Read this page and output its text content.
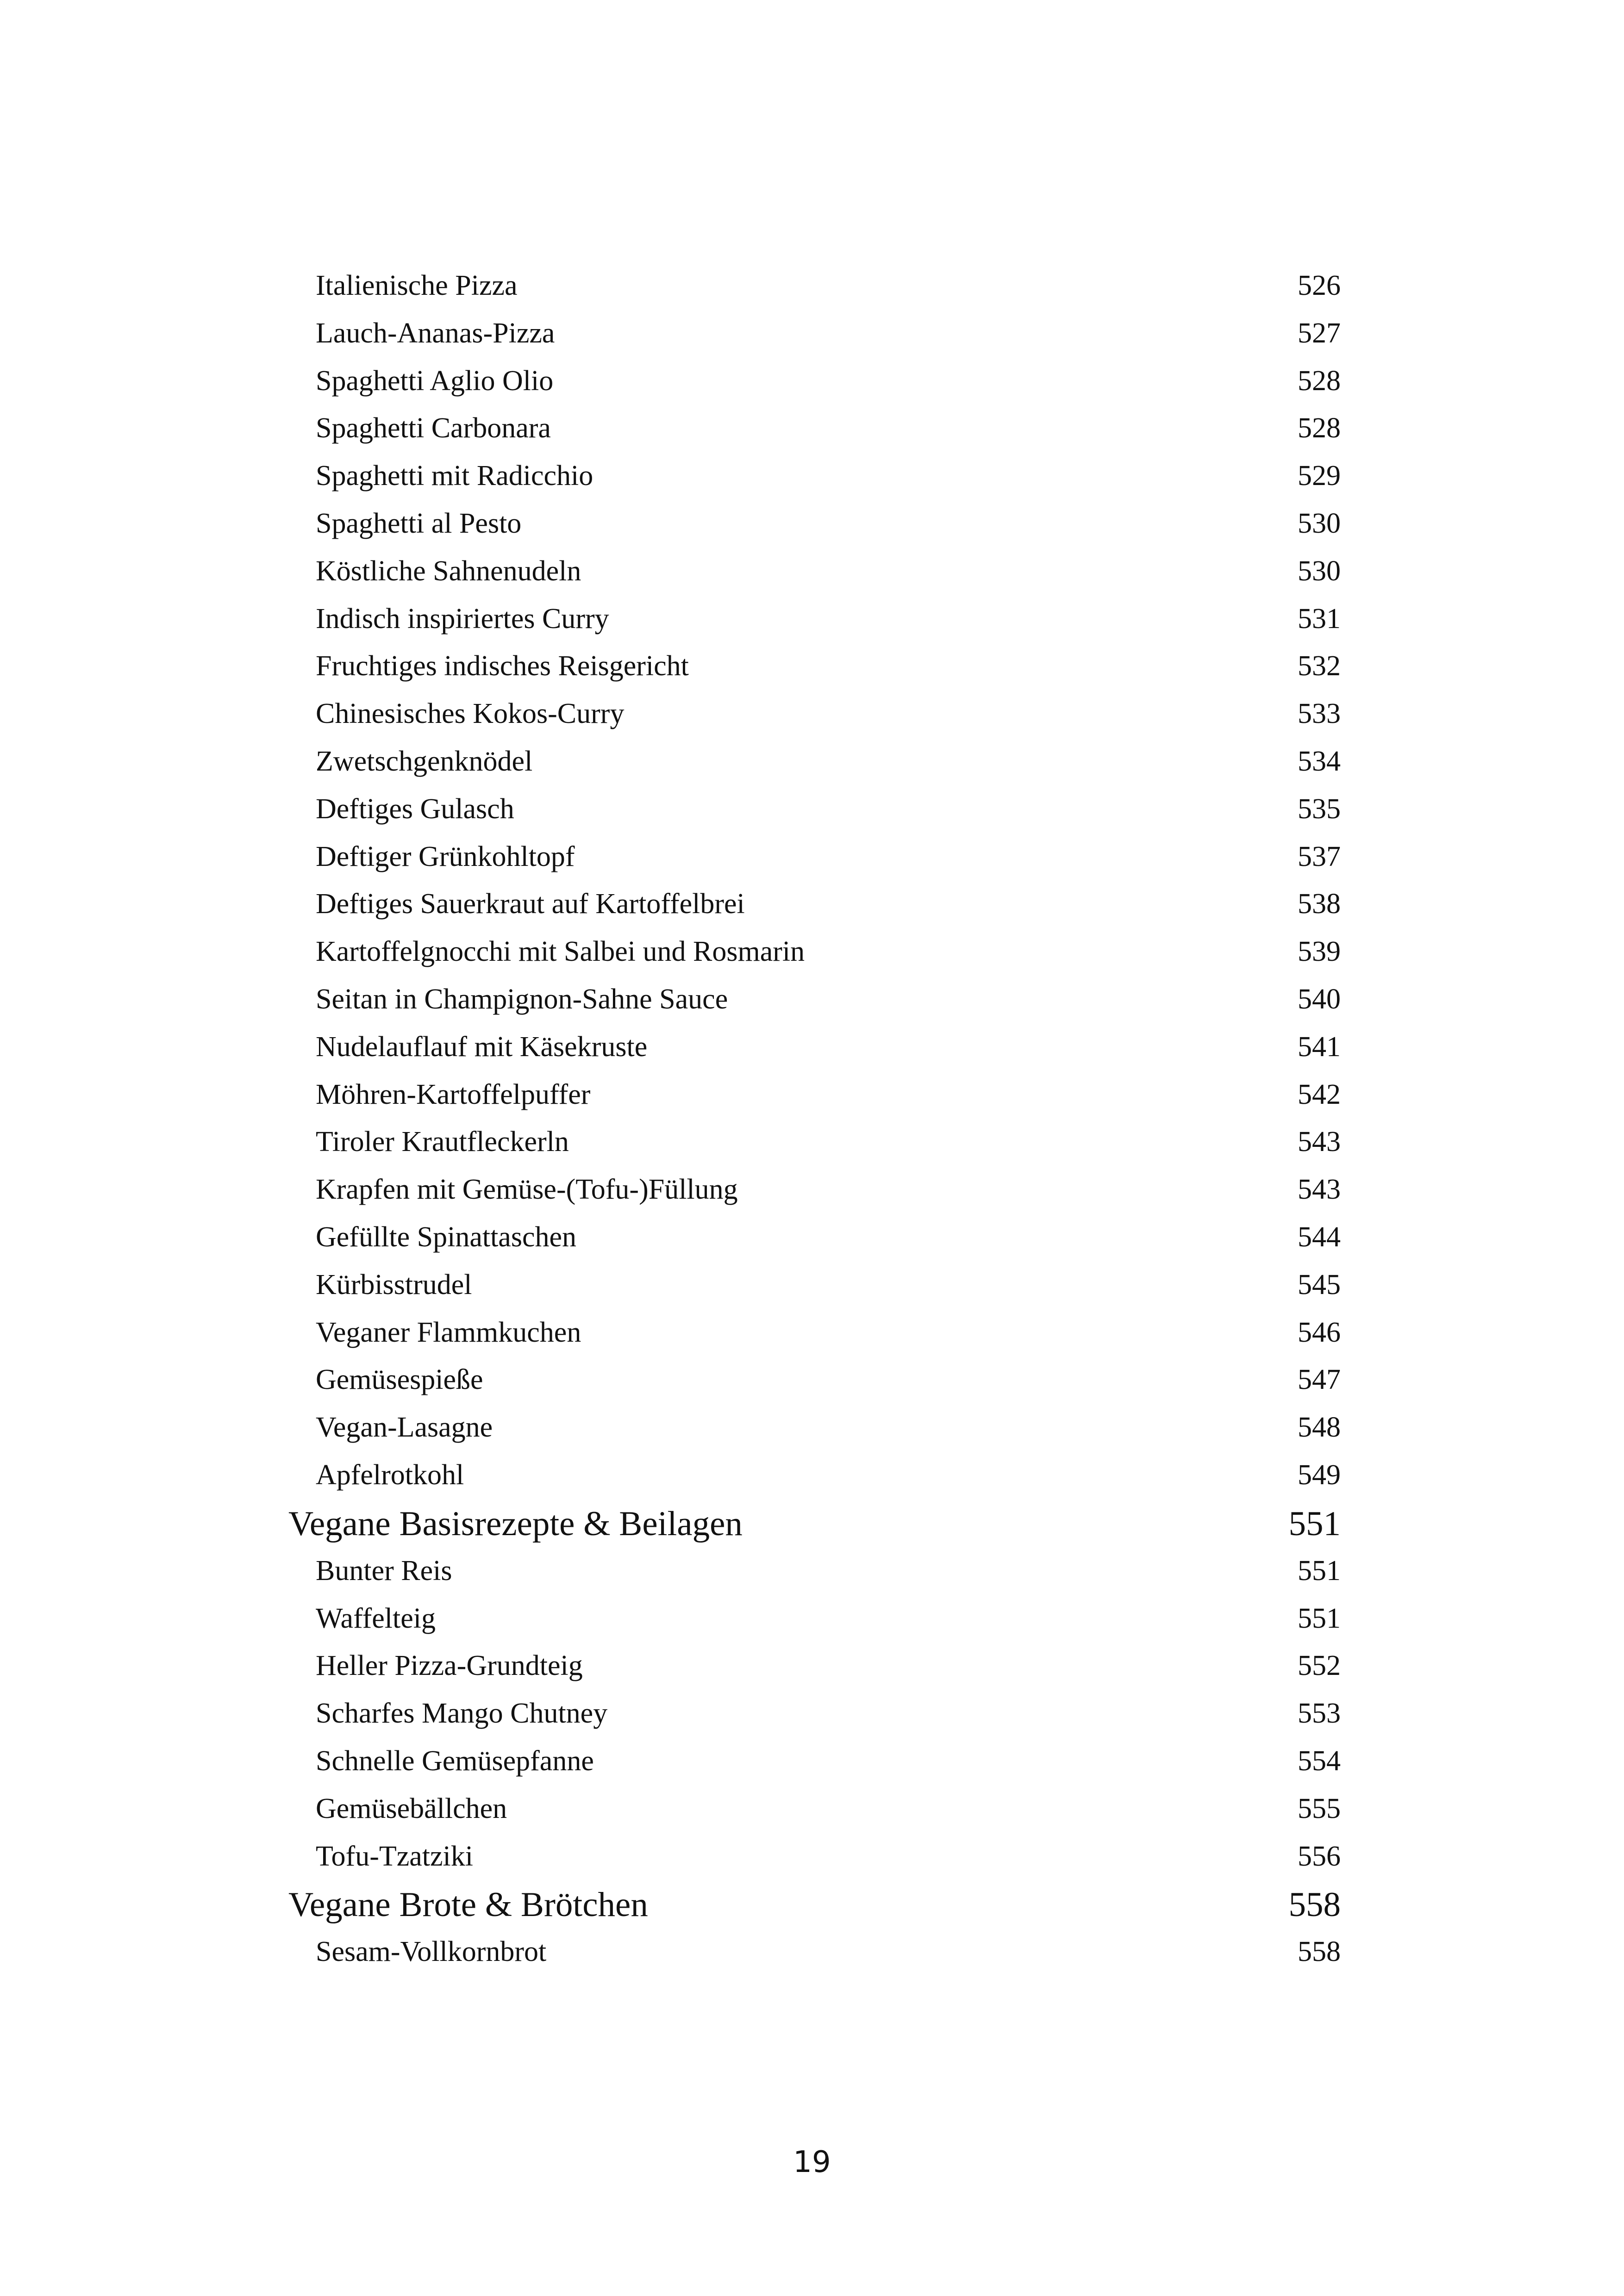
Italienische Pizza	526
Lauch-Ananas-Pizza	527
Spaghetti Aglio Olio	528
Spaghetti Carbonara	528
Spaghetti mit Radicchio	529
Spaghetti al Pesto	530
Köstliche Sahnenudeln	530
Indisch inspiriertes Curry	531
Fruchtiges indisches Reisgericht	532
Chinesisches Kokos-Curry	533
Zwetschgenknödel	534
Deftiges Gulasch	535
Deftiger Grünkohltopf	537
Deftiges Sauerkraut auf Kartoffelbrei	538
Kartoffelgnocchi mit Salbei und Rosmarin	539
Seitan in Champignon-Sahne Sauce	540
Nudelauflauf mit Käsekruste	541
Möhren-Kartoffelpuffer	542
Tiroler Krautfleckerln	543
Krapfen mit Gemüse-(Tofu-)Füllung	543
Gefüllte Spinattaschen	544
Kürbisstrudel	545
Veganer Flammkuchen	546
Gemüsespieße	547
Vegan-Lasagne	548
Apfelrotkohl	549
Vegane Basisrezepte & Beilagen	551
Bunter Reis	551
Waffelteig	551
Heller Pizza-Grundteig	552
Scharfes Mango Chutney	553
Schnelle Gemüsepfanne	554
Gemüsebällchen	555
Tofu-Tzatziki	556
Vegane Brote & Brötchen	558
Sesam-Vollkornbrot	558
19
